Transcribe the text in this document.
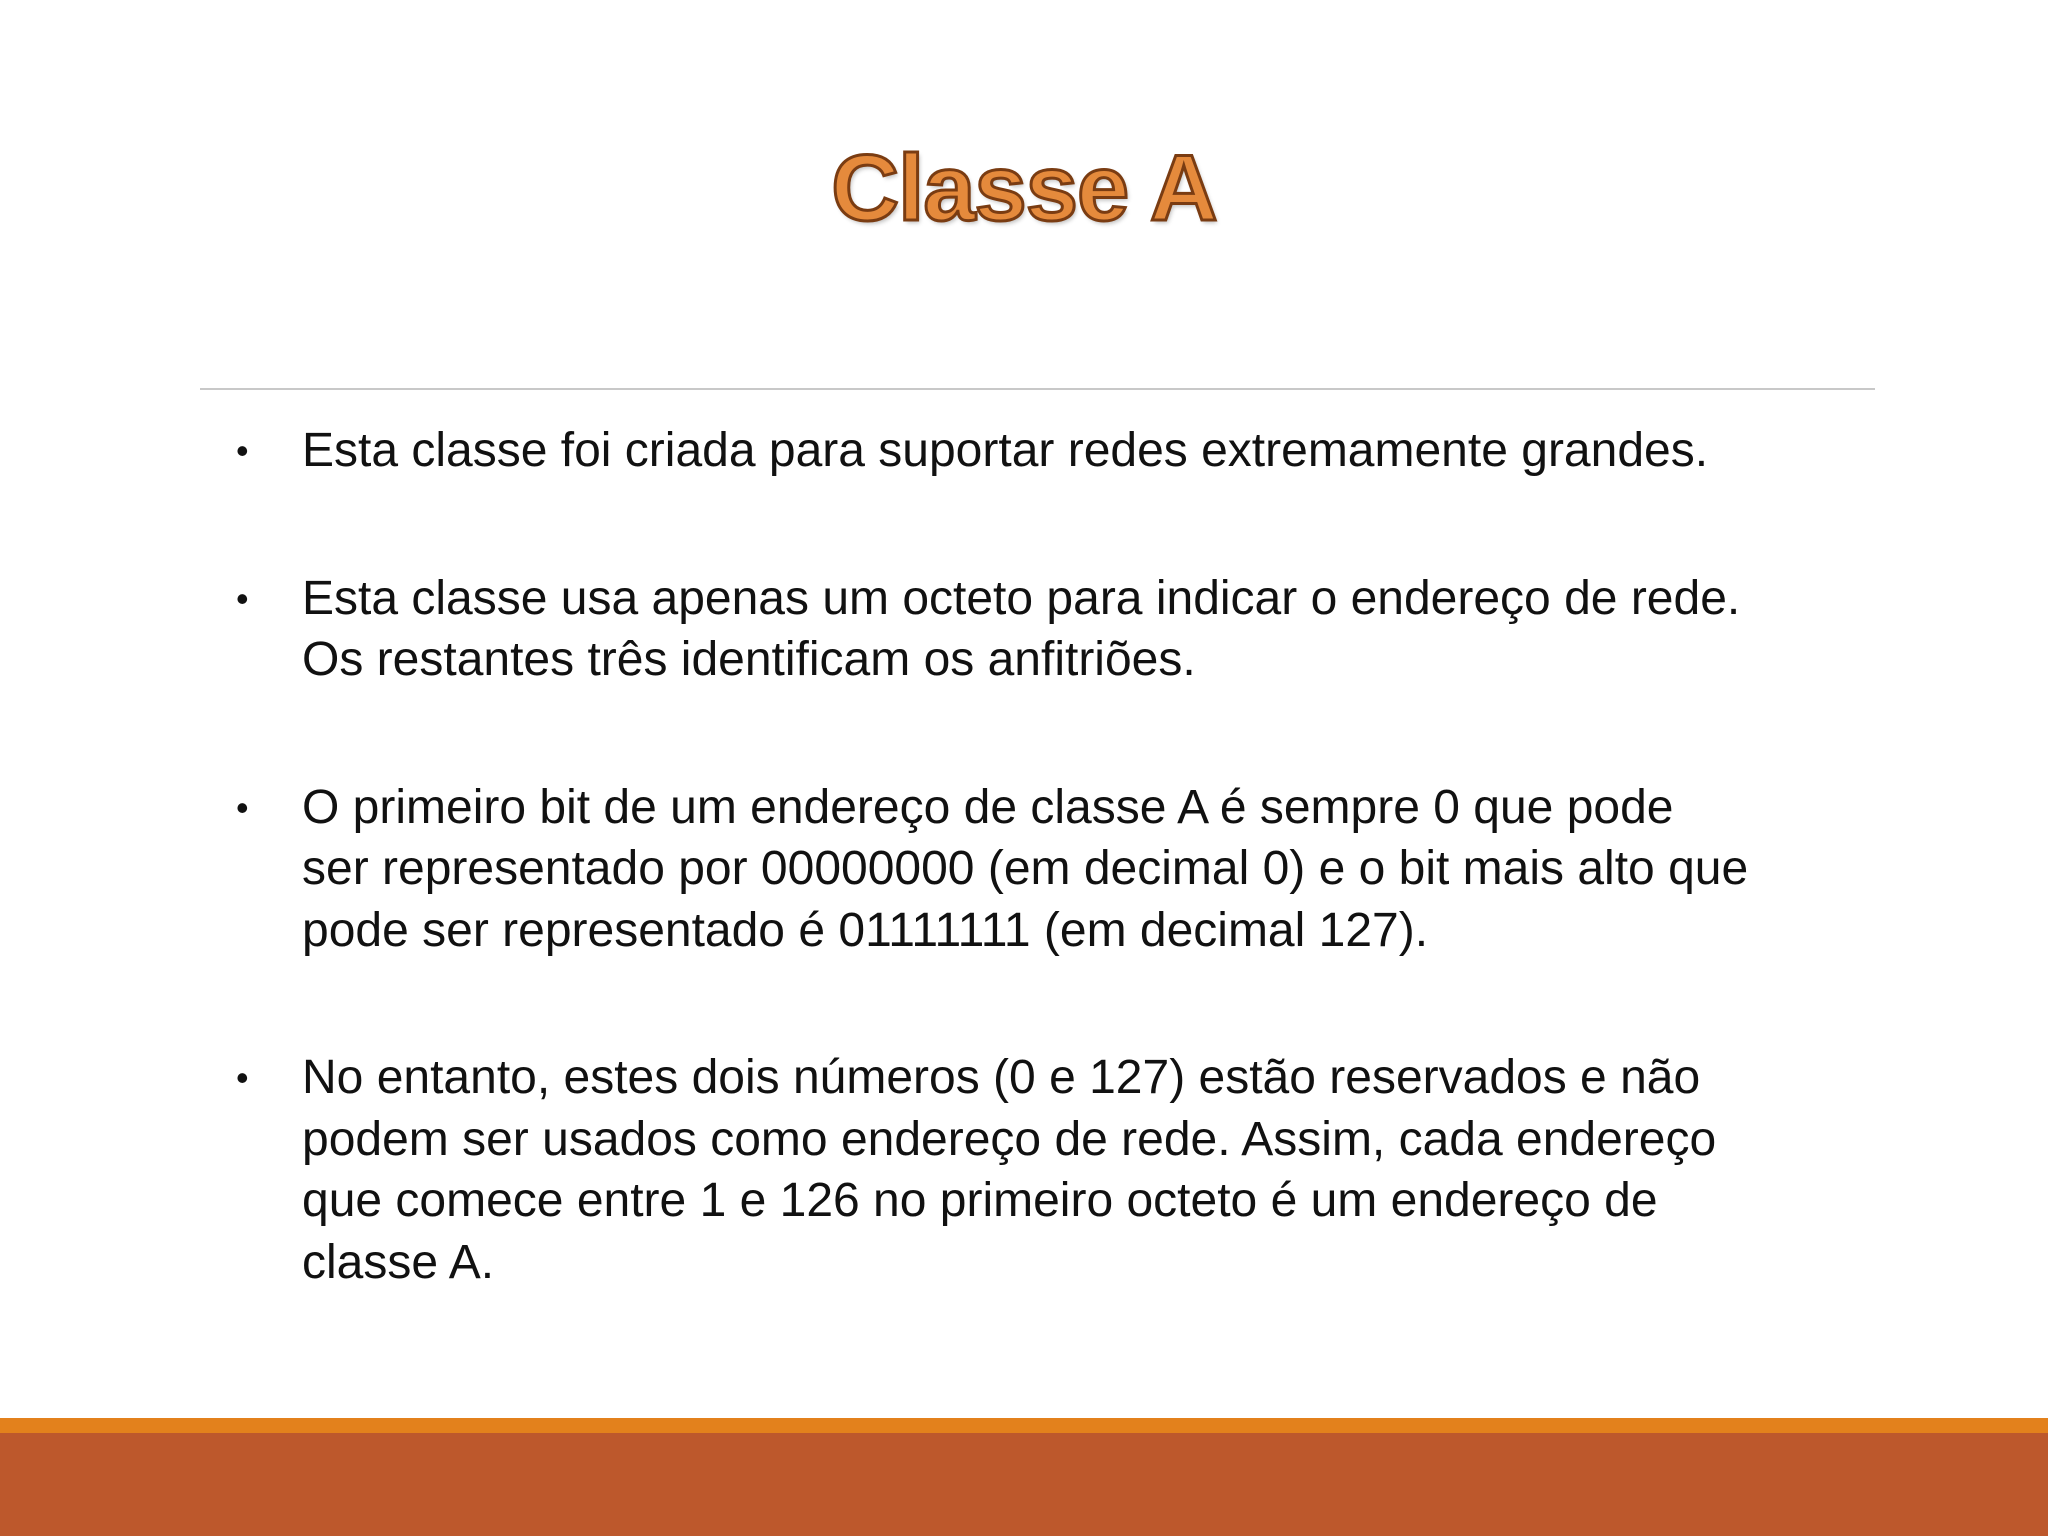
Classe A
• Esta classe foi criada para suportar redes extremamente grandes.
• Esta classe usa apenas um octeto para indicar o endereço de rede. Os restantes três identificam os anfitriões.
• O primeiro bit de um endereço de classe A é sempre 0 que pode ser representado por 00000000 (em decimal 0) e o bit mais alto que pode ser representado é 01111111 (em decimal 127).
• No entanto, estes dois números (0 e 127) estão reservados e não podem ser usados como endereço de rede. Assim, cada endereço que comece entre 1 e 126 no primeiro octeto é um endereço de classe A.
